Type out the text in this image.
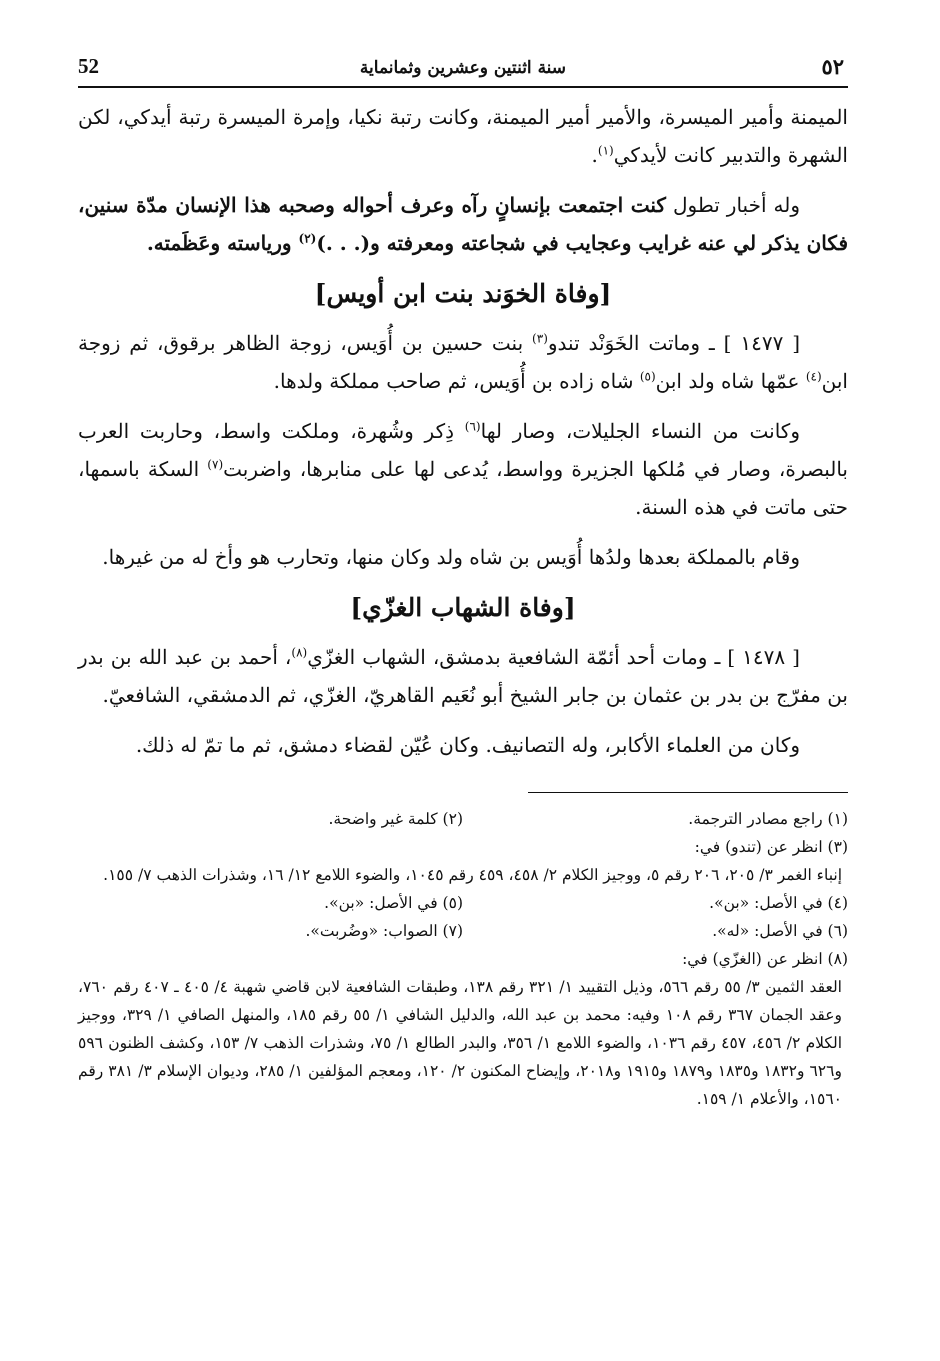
52	سنة اثنتين وعشرين وثمانماية	٥٢

الميمنة وأمير الميسرة، والأمير أمير الميمنة، وكانت رتبة نكيا، وإمرة الميسرة رتبة أيدكي، لكن الشهرة والتدبير كانت لأيدكي$^{(١)}$.

وله أخبار تطول كنت اجتمعت بإنسانٍ رآه وعرف أحواله وصحبه هذا الإنسان مدّة سنين، فكان يذكر لي عنه غرايب وعجايب في شجاعته ومعرفته و(. . .)$^{(٢)}$ ورياسته وعَظَمته.

[وفاة الخوَند بنت ابن أويس]

[ ١٤٧٧ ] ـ وماتت الخَوَنْد تندو$^{(٣)}$ بنت حسين بن أُوَيس، زوجة الظاهر برقوق، ثم زوجة ابن$^{(٤)}$ عمّها شاه ولد ابن$^{(٥)}$ شاه زاده بن أُوَيس، ثم صاحب مملكة ولدها.

وكانت من النساء الجليلات، وصار لها$^{(٦)}$ ذِكر وشُهرة، وملكت واسط، وحاربت العرب بالبصرة، وصار في مُلكها الجزيرة وواسط، يُدعى لها على منابرها، واضربت$^{(٧)}$ السكة باسمها، حتى ماتت في هذه السنة.

وقام بالمملكة بعدها ولدُها أُوَيس بن شاه ولد وكان منها، وتحارب هو وأخ له من غيرها.

[وفاة الشهاب الغزّي]

[ ١٤٧٨ ] ـ ومات أحد أئمّة الشافعية بدمشق، الشهاب الغزّي$^{(٨)}$، أحمد بن عبد الله بن بدر بن مفرّج بن بدر بن عثمان بن جابر الشيخ أبو نُعَيم القاهريّ، الغزّي، ثم الدمشقي، الشافعيّ.

وكان من العلماء الأكابر، وله التصانيف. وكان عُيّن لقضاء دمشق، ثم ما تمّ له ذلك.

(١) راجع مصادر الترجمة.
(٢) كلمة غير واضحة.
(٣) انظر عن (تندو) في:
إنباء الغمر ٣/ ٢٠٥، ٢٠٦ رقم ٥، ووجيز الكلام ٢/ ٤٥٨، ٤٥٩ رقم ١٠٤٥، والضوء اللامع ١٢/ ١٦، وشذرات الذهب ٧/ ١٥٥.
(٤) في الأصل: «بن».
(٥) في الأصل: «بن».
(٦) في الأصل: «له».
(٧) الصواب: «وضُربت».
(٨) انظر عن (الغزّي) في:
العقد الثمين ٣/ ٥٥ رقم ٥٦٦، وذيل التقييد ١/ ٣٢١ رقم ١٣٨، وطبقات الشافعية لابن قاضي شهبة ٤/ ٤٠٥ ـ ٤٠٧ رقم ٧٦٠، وعقد الجمان ٣٦٧ رقم ١٠٨ وفيه: محمد بن عبد الله، والدليل الشافي ١/ ٥٥ رقم ١٨٥، والمنهل الصافي ١/ ٣٢٩، ووجيز الكلام ٢/ ٤٥٦، ٤٥٧ رقم ١٠٣٦، والضوء اللامع ١/ ٣٥٦، والبدر الطالع ١/ ٧٥، وشذرات الذهب ٧/ ١٥٣، وكشف الظنون ٥٩٦ و٦٢٦ و١٨٣٢ و١٨٣٥ و١٨٧٩ و١٩١٥ و٢٠١٨، وإيضاح المكنون ٢/ ١٢٠، ومعجم المؤلفين ١/ ٢٨٥، وديوان الإسلام ٣/ ٣٨١ رقم ١٥٦٠، والأعلام ١/ ١٥٩.
